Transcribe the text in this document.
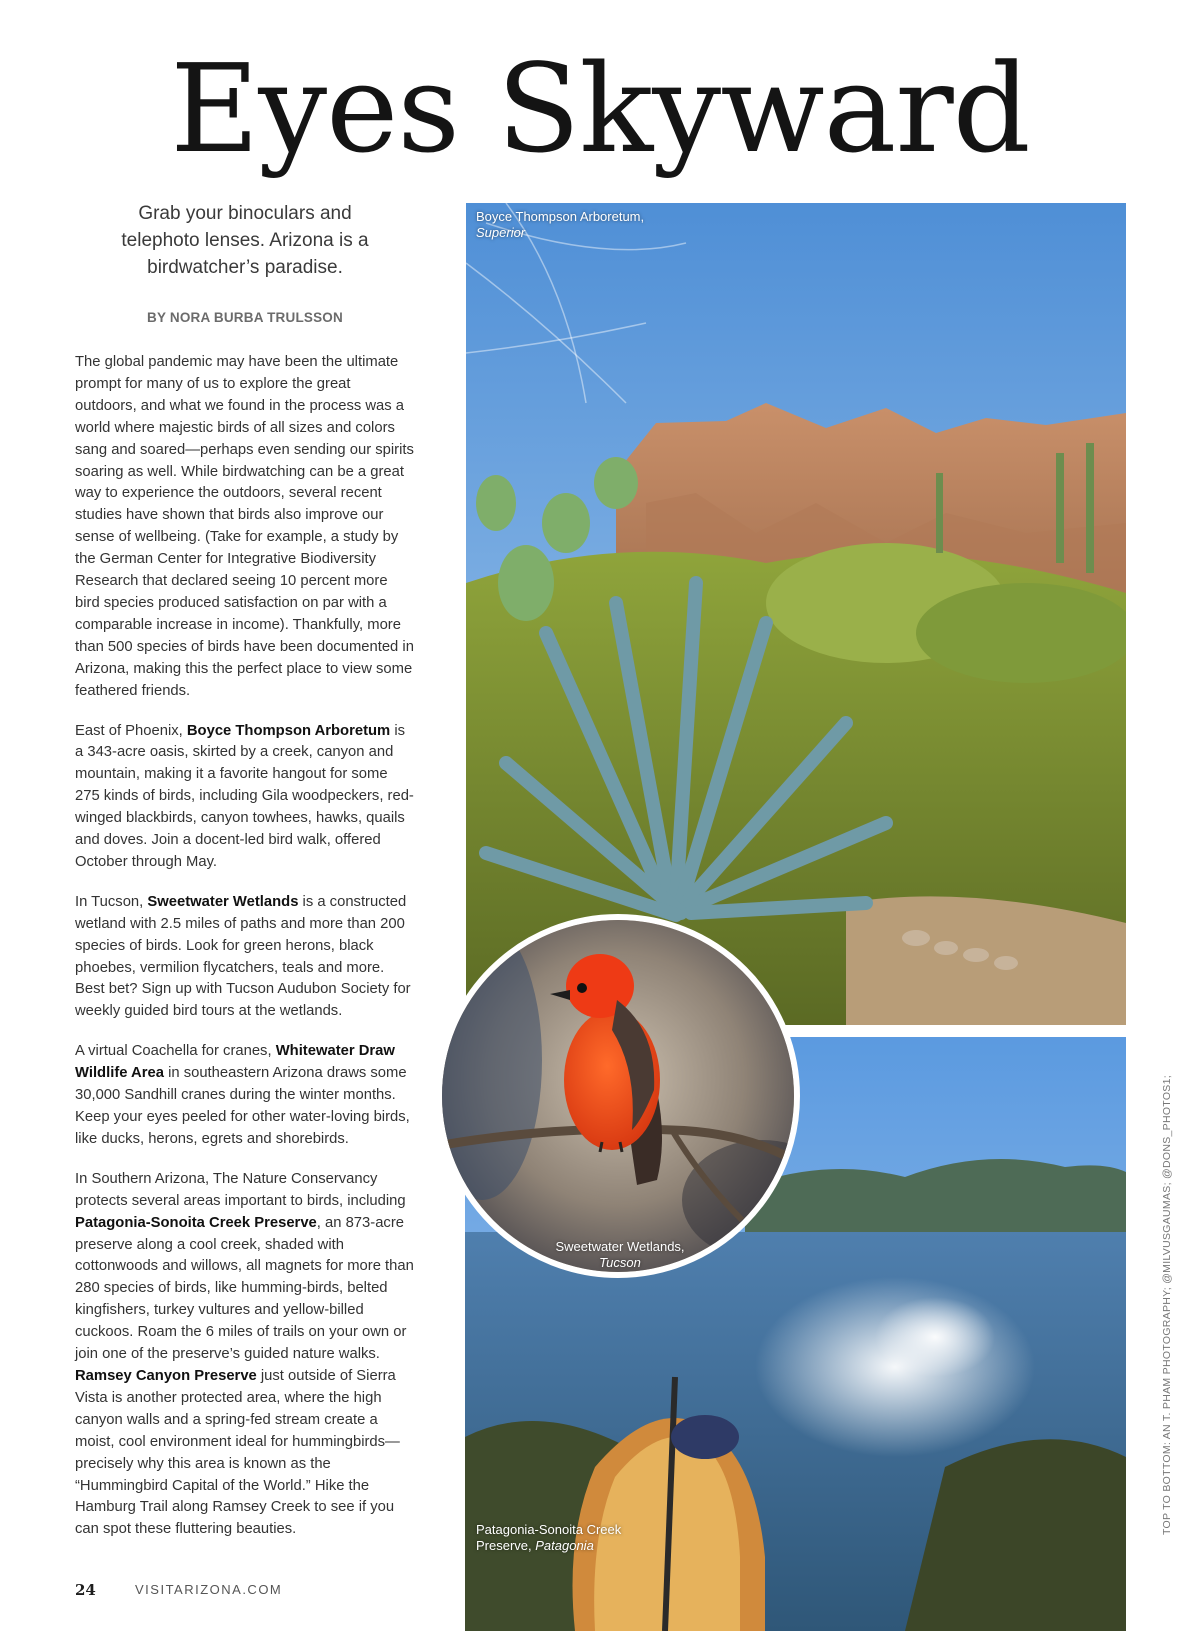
Eyes Skyward

Grab your binoculars and telephoto lenses. Arizona is a birdwatcher’s paradise.

BY NORA BURBA TRULSSON

The global pandemic may have been the ultimate prompt for many of us to explore the great outdoors, and what we found in the process was a world where majestic birds of all sizes and colors sang and soared—perhaps even sending our spirits soaring as well. While birdwatching can be a great way to experience the outdoors, several recent studies have shown that birds also improve our sense of wellbeing. (Take for example, a study by the German Center for Integrative Biodiversity Research that declared seeing 10 percent more bird species produced satisfaction on par with a comparable increase in income). Thankfully, more than 500 species of birds have been documented in Arizona, making this the perfect place to view some feathered friends.

East of Phoenix, Boyce Thompson Arboretum is a 343-acre oasis, skirted by a creek, canyon and mountain, making it a favorite hangout for some 275 kinds of birds, including Gila woodpeckers, red-winged blackbirds, canyon towhees, hawks, quails and doves. Join a docent-led bird walk, offered October through May.

In Tucson, Sweetwater Wetlands is a constructed wetland with 2.5 miles of paths and more than 200 species of birds. Look for green herons, black phoebes, vermilion flycatchers, teals and more. Best bet? Sign up with Tucson Audubon Society for weekly guided bird tours at the wetlands.

A virtual Coachella for cranes, Whitewater Draw Wildlife Area in southeastern Arizona draws some 30,000 Sandhill cranes during the winter months. Keep your eyes peeled for other water-loving birds, like ducks, herons, egrets and shorebirds.

In Southern Arizona, The Nature Conservancy protects several areas important to birds, including Patagonia-Sonoita Creek Preserve, an 873-acre preserve along a cool creek, shaded with cottonwoods and willows, all magnets for more than 280 species of birds, like humming-birds, belted kingfishers, turkey vultures and yellow-billed cuckoos. Roam the 6 miles of trails on your own or join one of the preserve’s guided nature walks. Ramsey Canyon Preserve just outside of Sierra Vista is another protected area, where the high canyon walls and a spring-fed stream create a moist, cool environment ideal for hummingbirds—precisely why this area is known as the “Hummingbird Capital of the World.” Hike the Hamburg Trail along Ramsey Creek to see if you can spot these fluttering beauties.

24	VISITARIZONA.COM
Boyce Thompson Arboretum,
Superior
Patagonia-Sonoita Creek
Preserve, Patagonia
Sweetwater Wetlands,
Tucson	TOP TO BOTTOM: AN T. PHAM PHOTOGRAPHY; @MILVUSGAUMAS; @DONS_PHOTOS1;
